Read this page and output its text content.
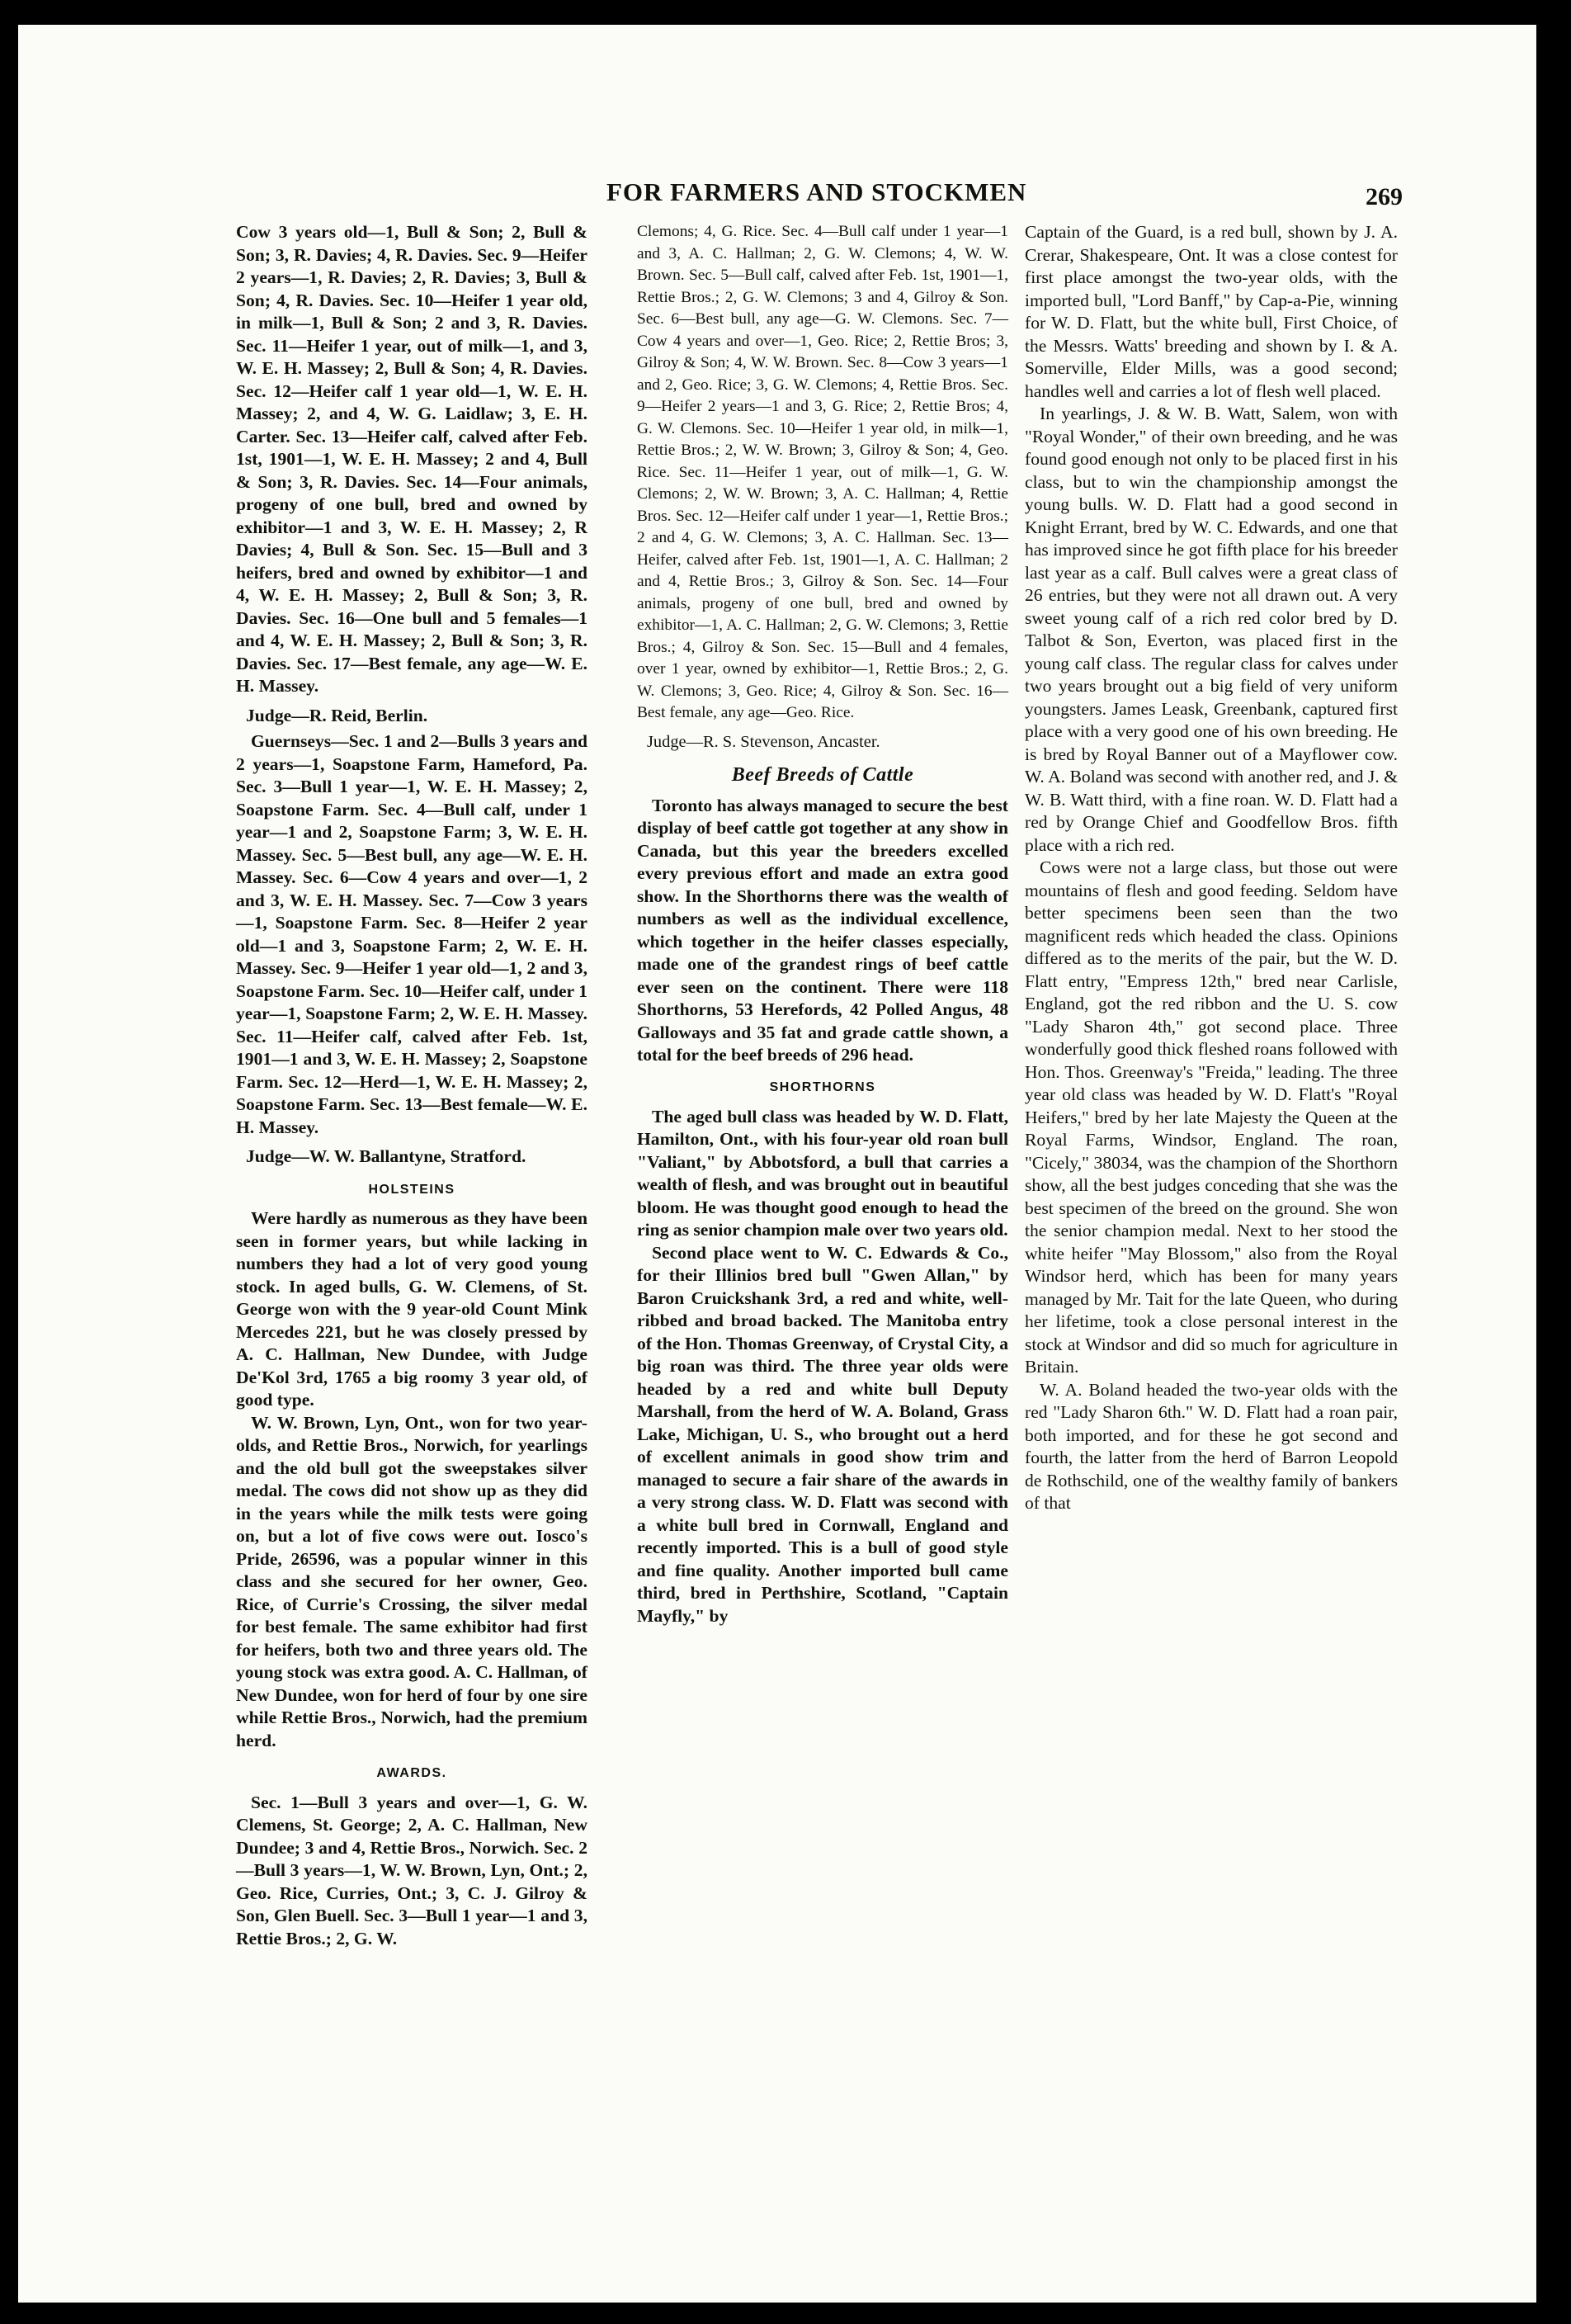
FOR FARMERS AND STOCKMEN	269

Cow 3 years old—1, Bull & Son; 2, Bull & Son; 3, R. Davies; 4, R. Davies. Sec. 9—Heifer 2 years—1, R. Davies; 2, R. Davies; 3, Bull & Son; 4, R. Davies. Sec. 10—Heifer 1 year old, in milk—1, Bull & Son; 2 and 3, R. Davies. Sec. 11—Heifer 1 year, out of milk—1, and 3, W. E. H. Massey; 2, Bull & Son; 4, R. Davies. Sec. 12—Heifer calf 1 year old—1, W. E. H. Massey; 2, and 4, W. G. Laidlaw; 3, E. H. Carter. Sec. 13—Heifer calf, calved after Feb. 1st, 1901—1, W. E. H. Massey; 2 and 4, Bull & Son; 3, R. Davies. Sec. 14—Four animals, progeny of one bull, bred and owned by exhibitor—1 and 3, W. E. H. Massey; 2, R Davies; 4, Bull & Son. Sec. 15—Bull and 3 heifers, bred and owned by exhibitor—1 and 4, W. E. H. Massey; 2, Bull & Son; 3, R. Davies. Sec. 16—One bull and 5 females—1 and 4, W. E. H. Massey; 2, Bull & Son; 3, R. Davies. Sec. 17—Best female, any age—W. E. H. Massey.

Judge—R. Reid, Berlin.

Guernseys—Sec. 1 and 2—Bulls 3 years and 2 years—1, Soapstone Farm, Hameford, Pa. Sec. 3—Bull 1 year—1, W. E. H. Massey; 2, Soapstone Farm. Sec. 4—Bull calf, under 1 year—1 and 2, Soapstone Farm; 3, W. E. H. Massey. Sec. 5—Best bull, any age—W. E. H. Massey. Sec. 6—Cow 4 years and over—1, 2 and 3, W. E. H. Massey. Sec. 7—Cow 3 years—1, Soapstone Farm. Sec. 8—Heifer 2 year old—1 and 3, Soapstone Farm; 2, W. E. H. Massey. Sec. 9—Heifer 1 year old—1, 2 and 3, Soapstone Farm. Sec. 10—Heifer calf, under 1 year—1, Soapstone Farm; 2, W. E. H. Massey. Sec. 11—Heifer calf, calved after Feb. 1st, 1901—1 and 3, W. E. H. Massey; 2, Soapstone Farm. Sec. 12—Herd—1, W. E. H. Massey; 2, Soapstone Farm. Sec. 13—Best female—W. E. H. Massey.

Judge—W. W. Ballantyne, Stratford.

HOLSTEINS

Were hardly as numerous as they have been seen in former years, but while lacking in numbers they had a lot of very good young stock. In aged bulls, G. W. Clemens, of St. George won with the 9 year-old Count Mink Mercedes 221, but he was closely pressed by A. C. Hallman, New Dundee, with Judge De'Kol 3rd, 1765 a big roomy 3 year old, of good type.

W. W. Brown, Lyn, Ont., won for two year-olds, and Rettie Bros., Norwich, for yearlings and the old bull got the sweepstakes silver medal. The cows did not show up as they did in the years while the milk tests were going on, but a lot of five cows were out. Iosco's Pride, 26596, was a popular winner in this class and she secured for her owner, Geo. Rice, of Currie's Crossing, the silver medal for best female. The same exhibitor had first for heifers, both two and three years old. The young stock was extra good. A. C. Hallman, of New Dundee, won for herd of four by one sire while Rettie Bros., Norwich, had the premium herd.

AWARDS.

Sec. 1—Bull 3 years and over—1, G. W. Clemens, St. George; 2, A. C. Hallman, New Dundee; 3 and 4, Rettie Bros., Norwich. Sec. 2—Bull 3 years—1, W. W. Brown, Lyn, Ont.; 2, Geo. Rice, Curries, Ont.; 3, C. J. Gilroy & Son, Glen Buell. Sec. 3—Bull 1 year—1 and 3, Rettie Bros.; 2, G. W.

Clemons; 4, G. Rice. Sec. 4—Bull calf under 1 year—1 and 3, A. C. Hallman; 2, G. W. Clemons; 4, W. W. Brown. Sec. 5—Bull calf, calved after Feb. 1st, 1901—1, Rettie Bros.; 2, G. W. Clemons; 3 and 4, Gilroy & Son. Sec. 6—Best bull, any age—G. W. Clemons. Sec. 7—Cow 4 years and over—1, Geo. Rice; 2, Rettie Bros; 3, Gilroy & Son; 4, W. W. Brown. Sec. 8—Cow 3 years—1 and 2, Geo. Rice; 3, G. W. Clemons; 4, Rettie Bros. Sec. 9—Heifer 2 years—1 and 3, G. Rice; 2, Rettie Bros; 4, G. W. Clemons. Sec. 10—Heifer 1 year old, in milk—1, Rettie Bros.; 2, W. W. Brown; 3, Gilroy & Son; 4, Geo. Rice. Sec. 11—Heifer 1 year, out of milk—1, G. W. Clemons; 2, W. W. Brown; 3, A. C. Hallman; 4, Rettie Bros. Sec. 12—Heifer calf under 1 year—1, Rettie Bros.; 2 and 4, G. W. Clemons; 3, A. C. Hallman. Sec. 13—Heifer, calved after Feb. 1st, 1901—1, A. C. Hallman; 2 and 4, Rettie Bros.; 3, Gilroy & Son. Sec. 14—Four animals, progeny of one bull, bred and owned by exhibitor—1, A. C. Hallman; 2, G. W. Clemons; 3, Rettie Bros.; 4, Gilroy & Son. Sec. 15—Bull and 4 females, over 1 year, owned by exhibitor—1, Rettie Bros.; 2, G. W. Clemons; 3, Geo. Rice; 4, Gilroy & Son. Sec. 16—Best female, any age—Geo. Rice.

Judge—R. S. Stevenson, Ancaster.

Beef Breeds of Cattle

Toronto has always managed to secure the best display of beef cattle got together at any show in Canada, but this year the breeders excelled every previous effort and made an extra good show. In the Shorthorns there was the wealth of numbers as well as the individual excellence, which together in the heifer classes especially, made one of the grandest rings of beef cattle ever seen on the continent. There were 118 Shorthorns, 53 Herefords, 42 Polled Angus, 48 Galloways and 35 fat and grade cattle shown, a total for the beef breeds of 296 head.

SHORTHORNS

The aged bull class was headed by W. D. Flatt, Hamilton, Ont., with his four-year old roan bull "Valiant," by Abbotsford, a bull that carries a wealth of flesh, and was brought out in beautiful bloom. He was thought good enough to head the ring as senior champion male over two years old.

Second place went to W. C. Edwards & Co., for their Illinios bred bull "Gwen Allan," by Baron Cruickshank 3rd, a red and white, well-ribbed and broad backed. The Manitoba entry of the Hon. Thomas Greenway, of Crystal City, a big roan was third. The three year olds were headed by a red and white bull Deputy Marshall, from the herd of W. A. Boland, Grass Lake, Michigan, U. S., who brought out a herd of excellent animals in good show trim and managed to secure a fair share of the awards in a very strong class. W. D. Flatt was second with a white bull bred in Cornwall, England and recently imported. This is a bull of good style and fine quality. Another imported bull came third, bred in Perthshire, Scotland, "Captain Mayfly," by

Captain of the Guard, is a red bull, shown by J. A. Crerar, Shakespeare, Ont. It was a close contest for first place amongst the two-year olds, with the imported bull, "Lord Banff," by Cap-a-Pie, winning for W. D. Flatt, but the white bull, First Choice, of the Messrs. Watts' breeding and shown by I. & A. Somerville, Elder Mills, was a good second; handles well and carries a lot of flesh well placed.

In yearlings, J. & W. B. Watt, Salem, won with "Royal Wonder," of their own breeding, and he was found good enough not only to be placed first in his class, but to win the championship amongst the young bulls. W. D. Flatt had a good second in Knight Errant, bred by W. C. Edwards, and one that has improved since he got fifth place for his breeder last year as a calf. Bull calves were a great class of 26 entries, but they were not all drawn out. A very sweet young calf of a rich red color bred by D. Talbot & Son, Everton, was placed first in the young calf class. The regular class for calves under two years brought out a big field of very uniform youngsters. James Leask, Greenbank, captured first place with a very good one of his own breeding. He is bred by Royal Banner out of a Mayflower cow. W. A. Boland was second with another red, and J. & W. B. Watt third, with a fine roan. W. D. Flatt had a red by Orange Chief and Goodfellow Bros. fifth place with a rich red.

Cows were not a large class, but those out were mountains of flesh and good feeding. Seldom have better specimens been seen than the two magnificent reds which headed the class. Opinions differed as to the merits of the pair, but the W. D. Flatt entry, "Empress 12th," bred near Carlisle, England, got the red ribbon and the U. S. cow "Lady Sharon 4th," got second place. Three wonderfully good thick fleshed roans followed with Hon. Thos. Greenway's "Freida," leading. The three year old class was headed by W. D. Flatt's "Royal Heifers," bred by her late Majesty the Queen at the Royal Farms, Windsor, England. The roan, "Cicely," 38034, was the champion of the Shorthorn show, all the best judges conceding that she was the best specimen of the breed on the ground. She won the senior champion medal. Next to her stood the white heifer "May Blossom," also from the Royal Windsor herd, which has been for many years managed by Mr. Tait for the late Queen, who during her lifetime, took a close personal interest in the stock at Windsor and did so much for agriculture in Britain.

W. A. Boland headed the two-year olds with the red "Lady Sharon 6th." W. D. Flatt had a roan pair, both imported, and for these he got second and fourth, the latter from the herd of Barron Leopold de Rothschild, one of the wealthy family of bankers of that
